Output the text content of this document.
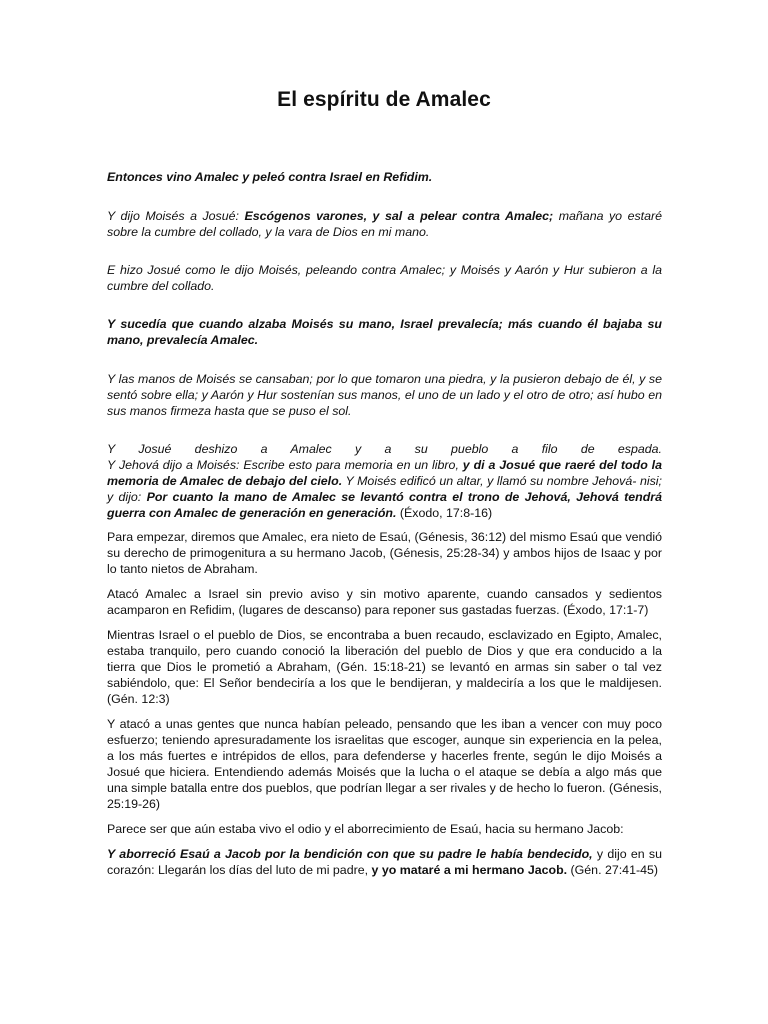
El espíritu de Amalec

Entonces vino Amalec y peleó contra Israel en Refidim.

Y dijo Moisés a Josué: Escógenos varones, y sal a pelear contra Amalec; mañana yo estaré sobre la cumbre del collado, y la vara de Dios en mi mano.

E hizo Josué como le dijo Moisés, peleando contra Amalec; y Moisés y Aarón y Hur subieron a la cumbre del collado.

Y sucedía que cuando alzaba Moisés su mano, Israel prevalecía; más cuando él bajaba su mano, prevalecía Amalec.

Y las manos de Moisés se cansaban; por lo que tomaron una piedra, y la pusieron debajo de él, y se sentó sobre ella; y Aarón y Hur sostenían sus manos, el uno de un lado y el otro de otro; así hubo en sus manos firmeza hasta que se puso el sol.

Y Josué deshizo a Amalec y a su pueblo a filo de espada.
Y Jehová dijo a Moisés: Escribe esto para memoria en un libro, y di a Josué que raeré del todo la memoria de Amalec de debajo del cielo. Y Moisés edificó un altar, y llamó su nombre Jehová- nisi; y dijo: Por cuanto la mano de Amalec se levantó contra el trono de Jehová, Jehová tendrá guerra con Amalec de generación en generación. (Éxodo, 17:8-16)

Para empezar, diremos que Amalec, era nieto de Esaú, (Génesis, 36:12) del mismo Esaú que vendió su derecho de primogenitura a su hermano Jacob, (Génesis, 25:28-34) y ambos hijos de Isaac y por lo tanto nietos de Abraham.

Atacó Amalec a Israel sin previo aviso y sin motivo aparente, cuando cansados y sedientos acamparon en Refidim, (lugares de descanso) para reponer sus gastadas fuerzas. (Éxodo, 17:1-7)

Mientras Israel o el pueblo de Dios, se encontraba a buen recaudo, esclavizado en Egipto, Amalec, estaba tranquilo, pero cuando conoció la liberación del pueblo de Dios y que era conducido a la tierra que Dios le prometió a Abraham, (Gén. 15:18-21) se levantó en armas sin saber o tal vez sabiéndolo, que: El Señor bendeciría a los que le bendijeran, y maldeciría a los que le maldijesen. (Gén. 12:3)

Y atacó a unas gentes que nunca habían peleado, pensando que les iban a vencer con muy poco esfuerzo; teniendo apresuradamente los israelitas que escoger, aunque sin experiencia en la pelea, a los más fuertes e intrépidos de ellos, para defenderse y hacerles frente, según le dijo Moisés a Josué que hiciera. Entendiendo además Moisés que la lucha o el ataque se debía a algo más que una simple batalla entre dos pueblos, que podrían llegar a ser rivales y de hecho lo fueron. (Génesis, 25:19-26)

Parece ser que aún estaba vivo el odio y el aborrecimiento de Esaú, hacia su hermano Jacob:

Y aborreció Esaú a Jacob por la bendición con que su padre le había bendecido, y dijo en su corazón: Llegarán los días del luto de mi padre, y yo mataré a mi hermano Jacob. (Gén. 27:41-45)
